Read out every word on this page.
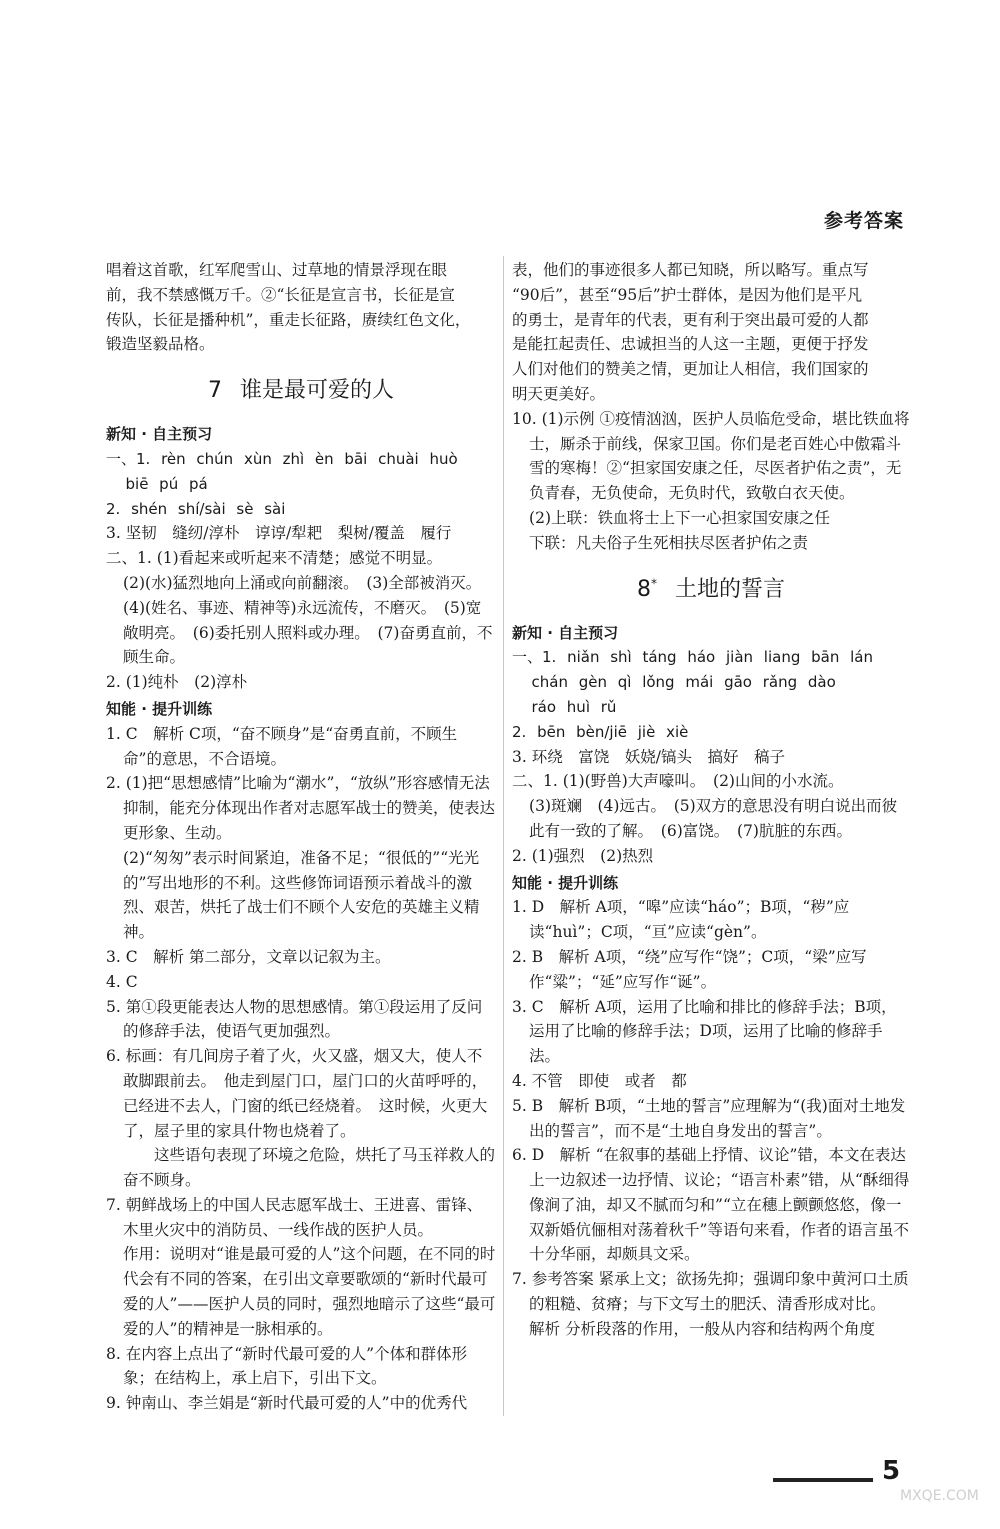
参考答案

唱着这首歌，红军爬雪山、过草地的情景浮现在眼

前，我不禁感慨万千。②“长征是宣言书，长征是宣

传队，长征是播种机”，重走长征路，赓续红色文化，

锻造坚毅品格。

7 谁是最可爱的人

新知 · 自主预习

一、1. rèn chún xùn zhì èn bāi chuài huò

biē pú pá

2. shén shí/sài sè sài

3. 坚韧　缝纫/淳朴　谆谆/犁耙　梨树/覆盖　履行

二、1. (1)看起来或听起来不清楚；感觉不明显。

(2)(水)猛烈地向上涌或向前翻滚。　(3)全部被消灭。　(4)(姓名、事迹、精神等)永远流传，不磨灭。　(5)宽敞明亮。　(6)委托别人照料或办理。　(7)奋勇直前，不顾生命。

2. (1)纯朴　(2)淳朴

知能 · 提升训练

1. C　解析 C项，“奋不顾身”是“奋勇直前，不顾生命”的意思，不合语境。

2. (1)把“思想感情”比喻为“潮水”，“放纵”形容感情无法抑制，能充分体现出作者对志愿军战士的赞美，使表达更形象、生动。

(2)“匆匆”表示时间紧迫，准备不足；“很低的”“光光的”写出地形的不利。这些修饰词语预示着战斗的激烈、艰苦，烘托了战士们不顾个人安危的英雄主义精神。

3. C　解析 第二部分，文章以记叙为主。

4. C

5. 第①段更能表达人物的思想感情。第①段运用了反问的修辞手法，使语气更加强烈。

6. 标画：有几间房子着了火，火又盛，烟又大，使人不敢脚跟前去。　他走到屋门口，屋门口的火苗呼呼的，已经进不去人，门窗的纸已经烧着。　这时候，火更大了，屋子里的家具什物也烧着了。

这些语句表现了环境之危险，烘托了马玉祥救人的奋不顾身。

7. 朝鲜战场上的中国人民志愿军战士、王进喜、雷锋、木里火灾中的消防员、一线作战的医护人员。

作用：说明对“谁是最可爱的人”这个问题，在不同的时代会有不同的答案，在引出文章要歌颂的“新时代最可爱的人”——医护人员的同时，强烈地暗示了这些“最可爱的人”的精神是一脉相承的。

8. 在内容上点出了“新时代最可爱的人”个体和群体形象；在结构上，承上启下，引出下文。

9. 钟南山、李兰娟是“新时代最可爱的人”中的优秀代

表，他们的事迹很多人都已知晓，所以略写。重点写

“90后”，甚至“95后”护士群体，是因为他们是平凡

的勇士，是青年的代表，更有利于突出最可爱的人都

是能扛起责任、忠诚担当的人这一主题，更便于抒发

人们对他们的赞美之情，更加让人相信，我们国家的

明天更美好。

10. (1)示例 ①疫情汹汹，医护人员临危受命，堪比铁血将士，厮杀于前线，保家卫国。你们是老百姓心中傲霜斗雪的寒梅！②“担家国安康之任，尽医者护佑之责”，无负青春，无负使命，无负时代，致敬白衣天使。

(2)上联：铁血将士上下一心担家国安康之任

下联：凡夫俗子生死相扶尽医者护佑之责

8* 土地的誓言

新知 · 自主预习

一、1. niǎn shì táng háo jiàn liang bān lán

chán gèn qì lǒng mái gāo rǎng dào

ráo huì rǔ

2. bēn bèn/jiē jiè xiè

3. 环绕　富饶　妖娆/镐头　搞好　稿子

二、1. (1)(野兽)大声嚎叫。　(2)山间的小水流。

(3)斑斓　(4)远古。　(5)双方的意思没有明白说出而彼此有一致的了解。　(6)富饶。　(7)肮脏的东西。

2. (1)强烈　(2)热烈

知能 · 提升训练

1. D　解析 A项，“嗥”应读“háo”；B项，“秽”应读“huì”；C项，“亘”应读“gèn”。

2. B　解析 A项，“绕”应写作“饶”；C项，“梁”应写作“粱”；“延”应写作“诞”。

3. C　解析 A项，运用了比喻和排比的修辞手法；B项，运用了比喻的修辞手法；D项，运用了比喻的修辞手法。

4. 不管　即使　或者　都

5. B　解析 B项，“土地的誓言”应理解为“(我)面对土地发出的誓言”，而不是“土地自身发出的誓言”。

6. D　解析 “在叙事的基础上抒情、议论”错，本文在表达上一边叙述一边抒情、议论；“语言朴素”错，从“酥细得像涧了油，却又不腻而匀和”“立在穗上颤颤悠悠，像一双新婚伉俪相对荡着秋千”等语句来看，作者的语言虽不十分华丽，却颇具文采。

7. 参考答案 紧承上文；欲扬先抑；强调印象中黄河口土质的粗糙、贫瘠；与下文写土的肥沃、清香形成对比。

解析 分析段落的作用，一般从内容和结构两个角度

5
MXQE.COM
